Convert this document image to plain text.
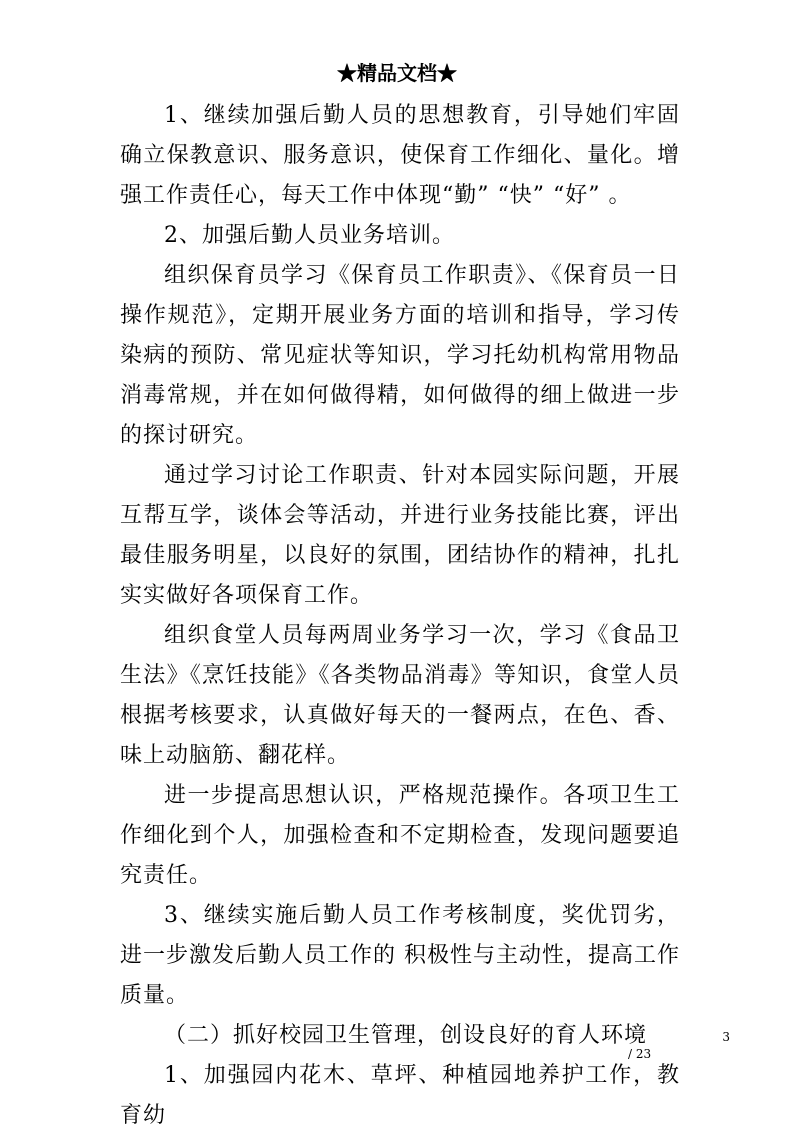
★精品文档★

1、继续加强后勤人员的思想教育，引导她们牢固确立保教意识、服务意识，使保育工作细化、量化。增强工作责任心，每天工作中体现“勤” “快” “好” 。

2、加强后勤人员业务培训。

组织保育员学习《保育员工作职责》、《保育员一日操作规范》，定期开展业务方面的培训和指导，学习传染病的预防、常见症状等知识，学习托幼机构常用物品消毒常规，并在如何做得精，如何做得的细上做进一步的探讨研究。

通过学习讨论工作职责、针对本园实际问题，开展互帮互学，谈体会等活动，并进行业务技能比赛，评出最佳服务明星，以良好的氛围，团结协作的精神，扎扎实实做好各项保育工作。

组织食堂人员每两周业务学习一次，学习《食品卫生法》《烹饪技能》《各类物品消毒》等知识，食堂人员根据考核要求，认真做好每天的一餐两点，在色、香、味上动脑筋、翻花样。

进一步提高思想认识，严格规范操作。各项卫生工作细化到个人，加强检查和不定期检查，发现问题要追究责任。

3、继续实施后勤人员工作考核制度，奖优罚劣，进一步激发后勤人员工作的 积极性与主动性，提高工作质量。

（二）抓好校园卫生管理，创设良好的育人环境

1、加强园内花木、草坪、种植园地养护工作，教育幼

3
/ 23
